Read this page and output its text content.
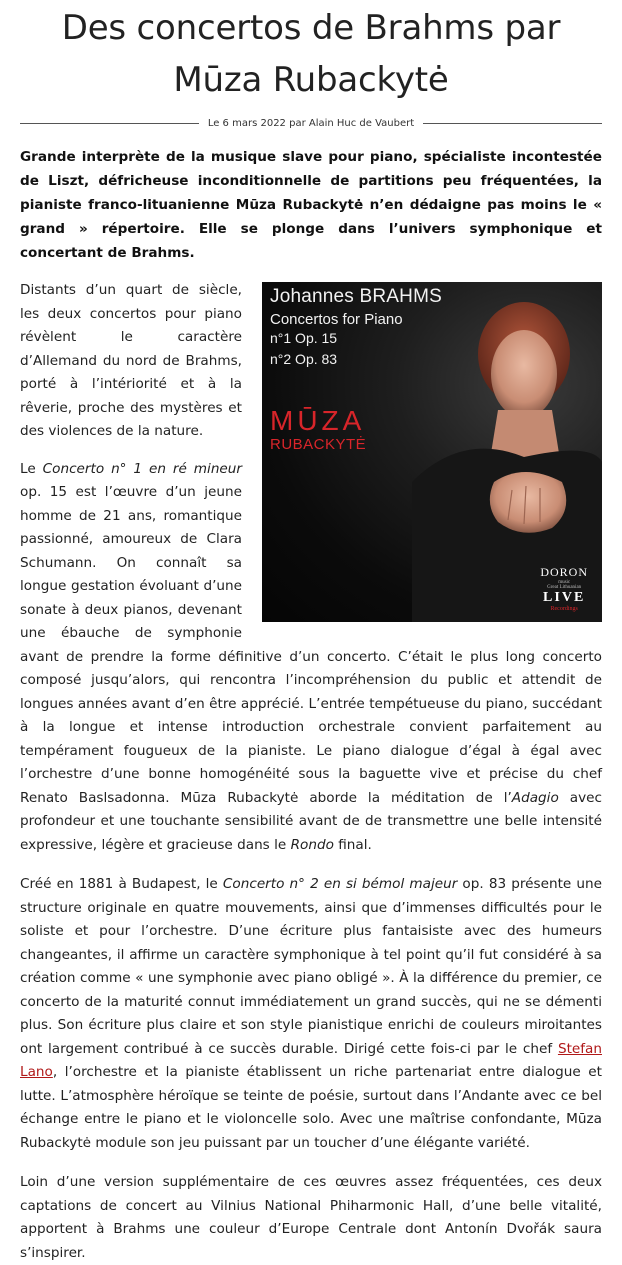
Des concertos de Brahms par Mūza Rubackytė
Le 6 mars 2022 par Alain Huc de Vaubert

Grande interprète de la musique slave pour piano, spécialiste incontestée de Liszt, défricheuse inconditionnelle de partitions peu fréquentées, la pianiste franco-lituanienne Mūza Rubackytė n’en dédaigne pas moins le « grand » répertoire. Elle se plonge dans l’univers symphonique et concertant de Brahms.

Johannes BRAHMS
Concertos for Piano
n°1 Op. 15
n°2 Op. 83
MŪZA
RUBACKYTĖ
DORON
music
Great Lithuanian
LIVE
Recordings

Distants d’un quart de siècle, les deux concertos pour piano révèlent le caractère d’Allemand du nord de Brahms, porté à l’intériorité et à la rêverie, proche des mystères et des violences de la nature.

Le Concerto n° 1 en ré mineur op. 15 est l’œuvre d’un jeune homme de 21 ans, romantique passionné, amoureux de Clara Schumann. On connaît sa longue gestation évoluant d’une sonate à deux pianos, devenant une ébauche de symphonie avant de prendre la forme définitive d’un concerto. C’était le plus long concerto composé jusqu’alors, qui rencontra l’incompréhension du public et attendit de longues années avant d’en être apprécié. L’entrée tempétueuse du piano, succédant à la longue et intense introduction orchestrale convient parfaitement au tempérament fougueux de la pianiste. Le piano dialogue d’égal à égal avec l’orchestre d’une bonne homogénéité sous la baguette vive et précise du chef Renato Baslsadonna. Mūza Rubackytė aborde la méditation de l’Adagio avec profondeur et une touchante sensibilité avant de de transmettre une belle intensité expressive, légère et gracieuse dans le Rondo final.

Créé en 1881 à Budapest, le Concerto n° 2 en si bémol majeur op. 83 présente une structure originale en quatre mouvements, ainsi que d’immenses difficultés pour le soliste et pour l’orchestre. D’une écriture plus fantaisiste avec des humeurs changeantes, il affirme un caractère symphonique à tel point qu’il fut considéré à sa création comme « une symphonie avec piano obligé ». À la différence du premier, ce concerto de la maturité connut immédiatement un grand succès, qui ne se démenti plus. Son écriture plus claire et son style pianistique enrichi de couleurs miroitantes ont largement contribué à ce succès durable. Dirigé cette fois-ci par le chef Stefan Lano, l’orchestre et la pianiste établissent un riche partenariat entre dialogue et lutte. L’atmosphère héroïque se teinte de poésie, surtout dans l’Andante avec ce bel échange entre le piano et le violoncelle solo. Avec une maîtrise confondante, Mūza Rubackytė module son jeu puissant par un toucher d’une élégante variété.

Loin d’une version supplémentaire de ces œuvres assez fréquentées, ces deux captations de concert au Vilnius National Phiharmonic Hall, d’une belle vitalité, apportent à Brahms une couleur d’Europe Centrale dont Antonín Dvořák saura s’inspirer.
